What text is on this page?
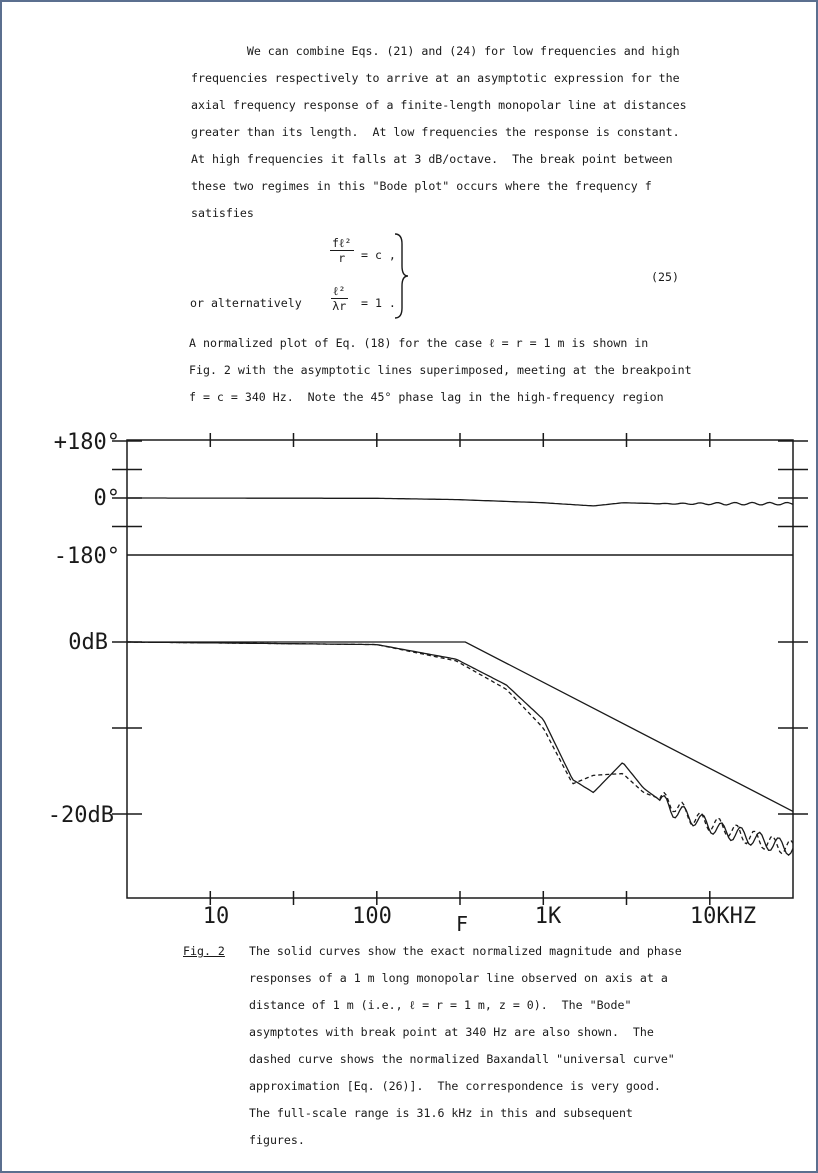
We can combine Eqs. (21) and (24) for low frequencies and high
frequencies respectively to arrive at an asymptotic expression for the
axial frequency response of a finite-length monopolar line at distances
greater than its length.  At low frequencies the response is constant.
At high frequencies it falls at 3 dB/octave.  The break point between
these two regimes in this "Bode plot" occurs where the frequency f
satisfies
fℓ²
r	= c ,
or alternatively
ℓ²
λr = 1 .
(25)
A normalized plot of Eq. (18) for the case ℓ = r = 1 m is shown in
Fig. 2 with the asymptotic lines superimposed, meeting at the breakpoint
f = c = 340 Hz.  Note the 45° phase lag in the high-frequency region
+180°
0°
-180°
0dB
-20dB
10	100	1K	10KHZ
F
Fig. 2 The solid curves show the exact normalized magnitude and phase
responses of a 1 m long monopolar line observed on axis at a
distance of 1 m (i.e., ℓ = r = 1 m, z = 0).  The "Bode"
asymptotes with break point at 340 Hz are also shown.  The
dashed curve shows the normalized Baxandall "universal curve"
approximation [Eq. (26)].  The correspondence is very good.
The full-scale range is 31.6 kHz in this and subsequent
figures.
